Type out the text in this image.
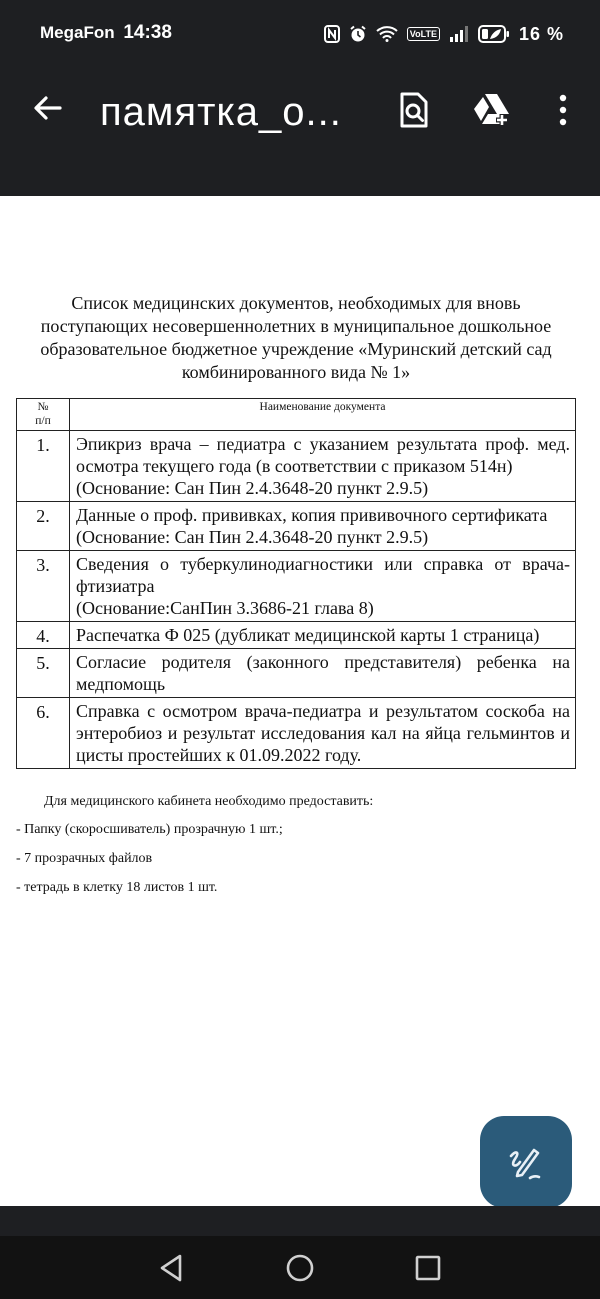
MegaFon 14:38	VoLTE	16 %
памятка_о...
Список медицинских документов, необходимых для вновь поступающих несовершеннолетних в муниципальное дошкольное образовательное бюджетное учреждение «Муринский детский сад комбинированного вида № 1»
№
п/п	Наименование документа
1.	Эпикриз врача – педиатра с указанием результата проф. мед. осмотра текущего года (в соответствии с приказом 514н)
(Основание: Сан Пин 2.4.3648-20 пункт 2.9.5)

2.	Данные о проф. прививках, копия прививочного сертификата
(Основание: Сан Пин 2.4.3648-20 пункт 2.9.5)

3.	Сведения о туберкулинодиагностики или справка от врача-фтизиатра
(Основание:СанПин 3.3686-21 глава 8)

4.	Распечатка Ф 025 (дубликат медицинской карты 1 страница)

5.	Согласие родителя (законного представителя) ребенка на медпомощь

6.	Справка с осмотром врача-педиатра и результатом соскоба на энтеробиоз и результат исследования кал на яйца гельминтов и цисты простейших к 01.09.2022 году.
Для медицинского кабинета необходимо предоставить:
- Папку (скоросшиватель) прозрачную 1 шт.;
- 7 прозрачных файлов
- тетрадь в клетку 18 листов 1 шт.
